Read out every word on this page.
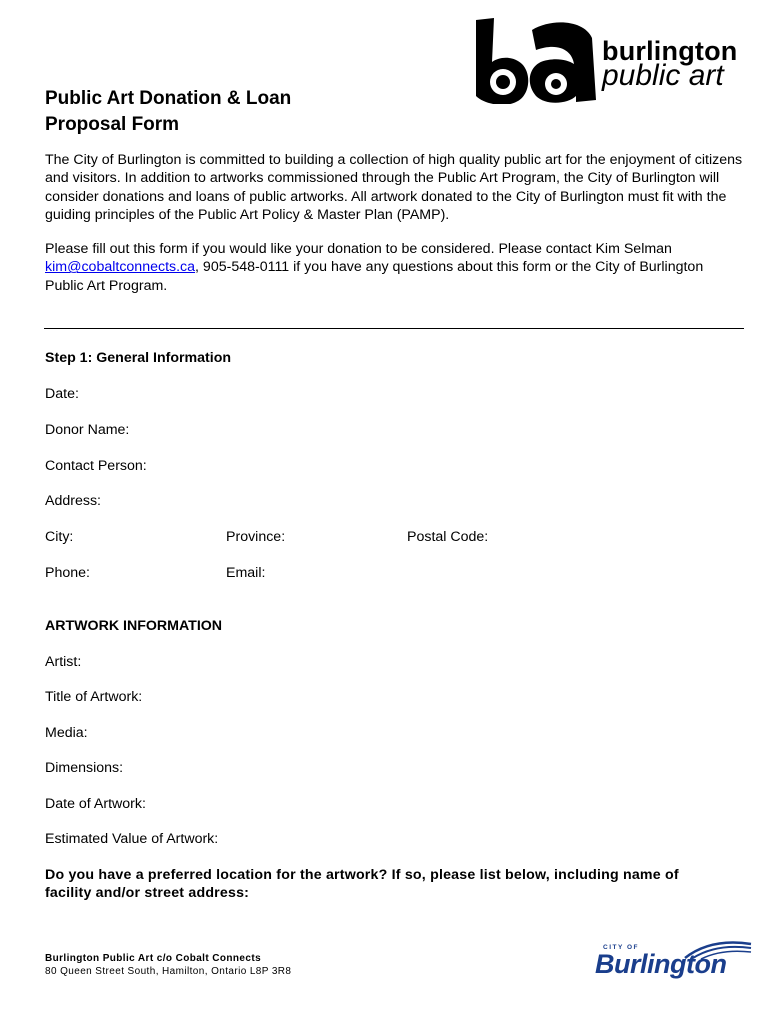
burlington
public art
Public Art Donation & Loan
Proposal Form
The City of Burlington is committed to building a collection of high quality public art for the enjoyment of citizens and visitors. In addition to artworks commissioned through the Public Art Program, the City of Burlington will consider donations and loans of public artworks. All artwork donated to the City of Burlington must fit with the guiding principles of the Public Art Policy & Master Plan (PAMP).
Please fill out this form if you would like your donation to be considered. Please contact Kim Selman kim@cobaltconnects.ca, 905-548-0111 if you have any questions about this form or the City of Burlington Public Art Program.
Step 1: General Information
Date:
Donor Name:
Contact Person:
Address:
City:	Province:	Postal Code:
Phone:	Email:
ARTWORK INFORMATION
Artist:
Title of Artwork:
Media:
Dimensions:
Date of Artwork:
Estimated Value of Artwork:
Do you have a preferred location for the artwork? If so, please list below, including name of
facility and/or street address:
Burlington Public Art c/o Cobalt Connects
80 Queen Street South, Hamilton, Ontario L8P 3R8
CITY OF
Burlington
